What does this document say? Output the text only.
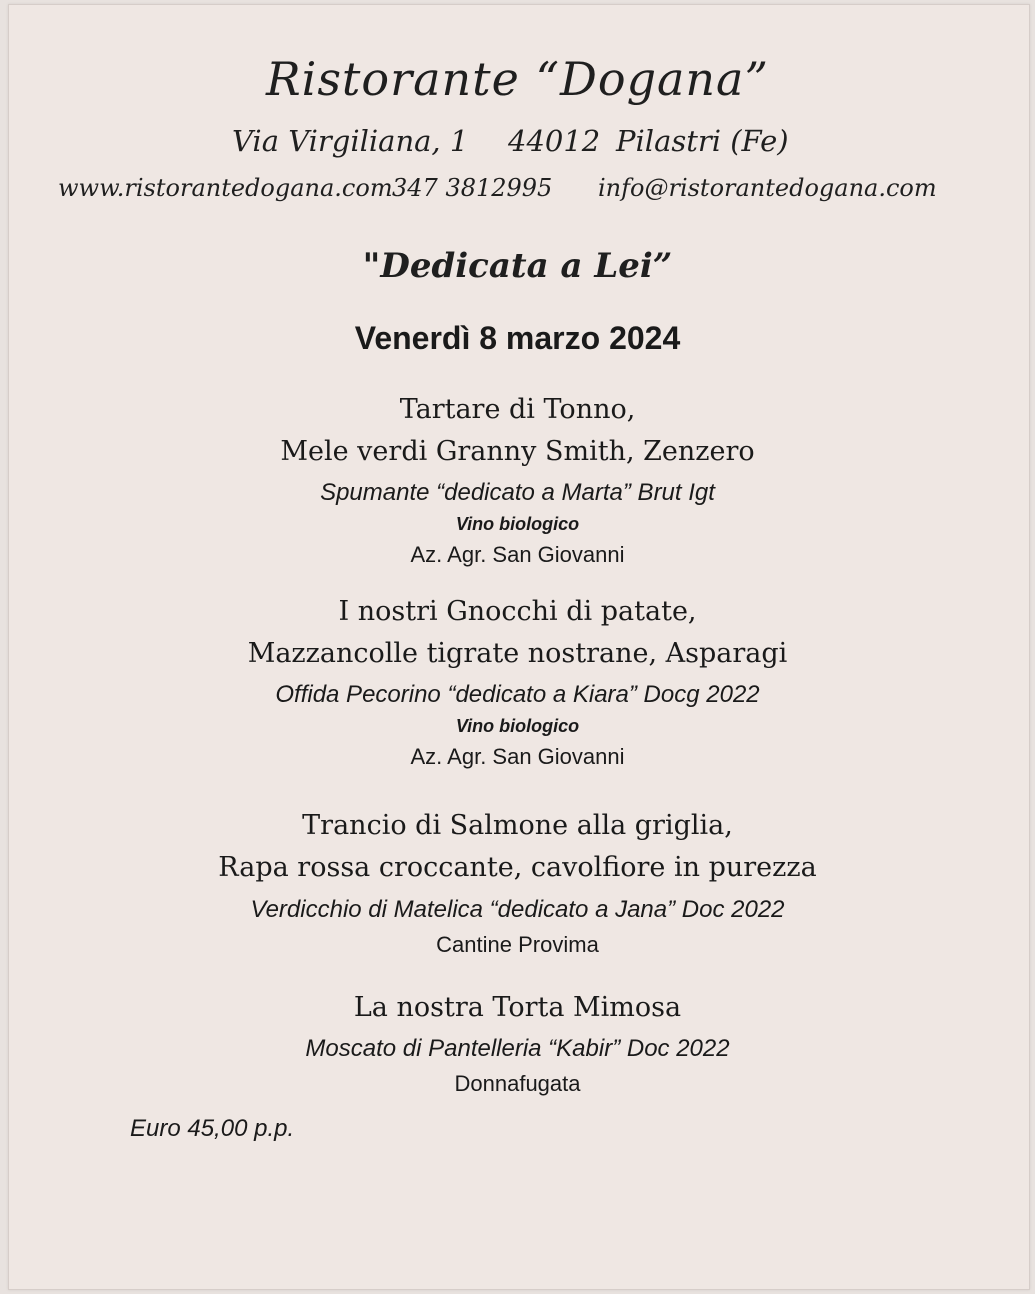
Ristorante “Dogana”
Via Virgiliana, 1 44012 Pilastri (Fe)
www.ristorantedogana.com 347 3812995 info@ristorantedogana.com
"Dedicata a Lei”
Venerdì 8 marzo 2024
Tartare di Tonno,
Mele verdi Granny Smith, Zenzero
Spumante “dedicato a Marta” Brut Igt
Vino biologico
Az. Agr. San Giovanni
I nostri Gnocchi di patate,
Mazzancolle tigrate nostrane, Asparagi
Offida Pecorino “dedicato a Kiara” Docg 2022
Vino biologico
Az. Agr. San Giovanni
Trancio di Salmone alla griglia,
Rapa rossa croccante, cavolfiore in purezza
Verdicchio di Matelica “dedicato a Jana” Doc 2022
Cantine Provima
La nostra Torta Mimosa
Moscato di Pantelleria “Kabir” Doc 2022
Donnafugata
Euro 45,00 p.p.
